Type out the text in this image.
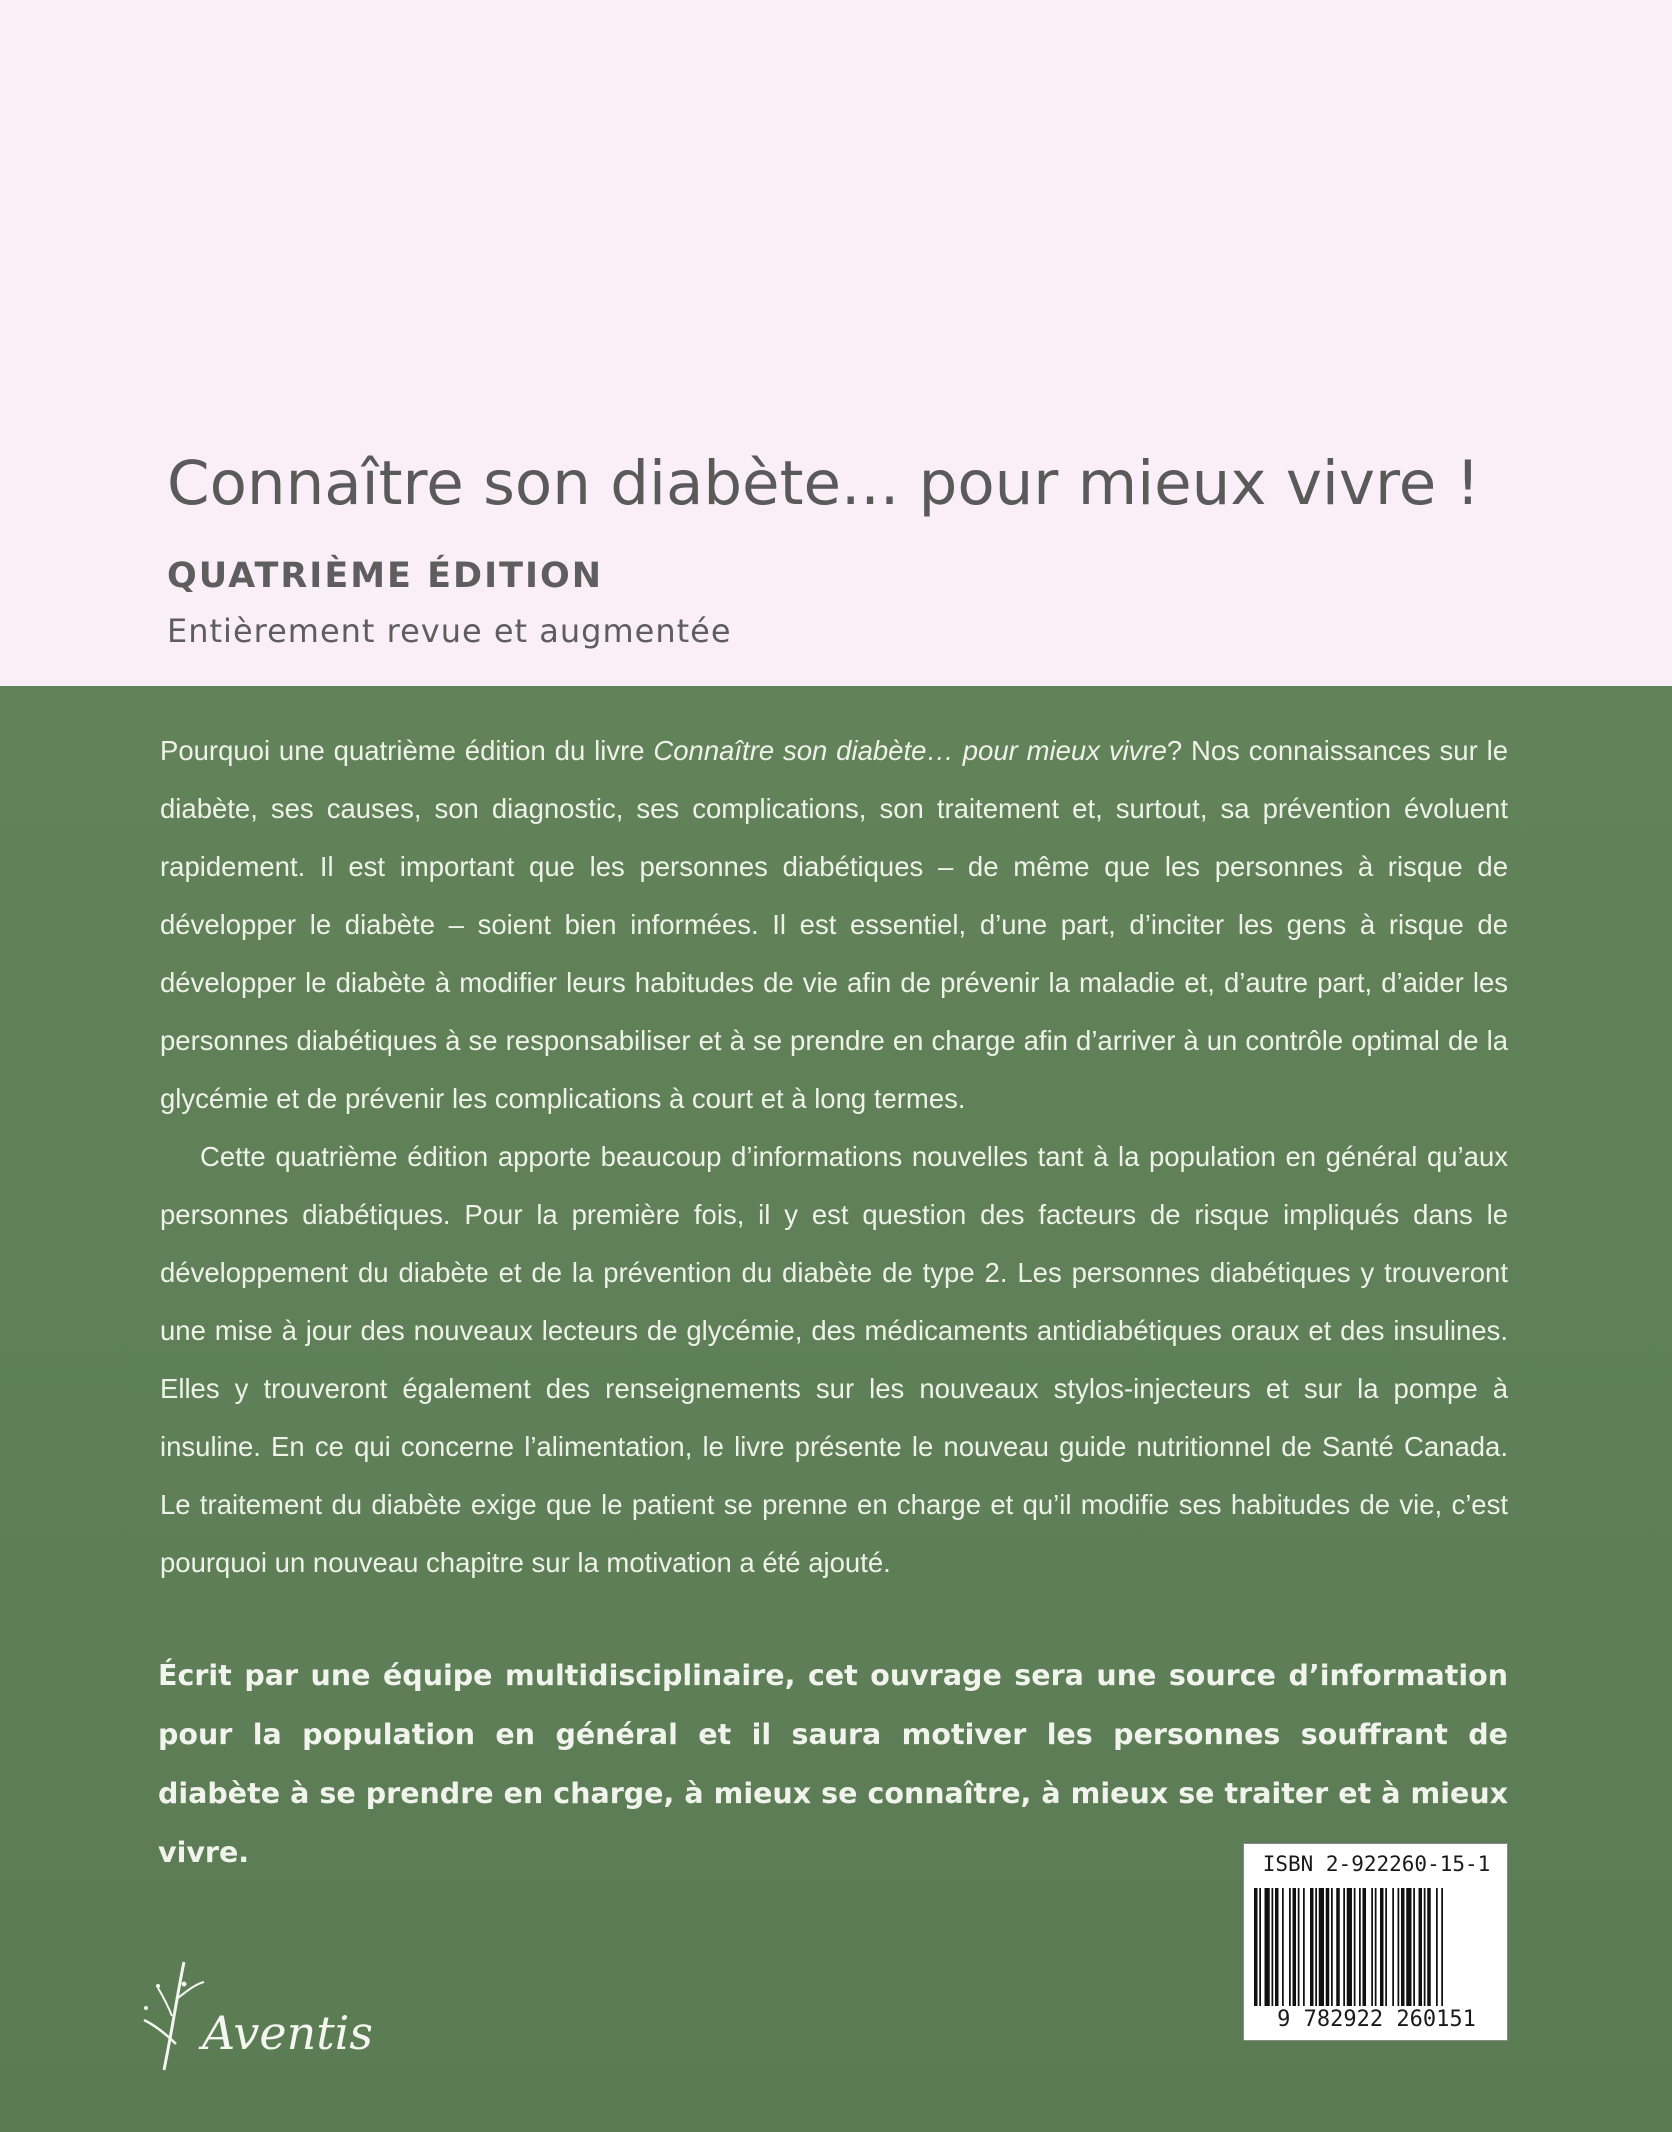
Connaître son diabète... pour mieux vivre !
QUATRIÈME ÉDITION
Entièrement revue et augmentée

Pourquoi une quatrième édition du livre Connaître son diabète… pour mieux vivre? Nos connaissances sur le diabète, ses causes, son diagnostic, ses complications, son traitement et, surtout, sa prévention évoluent rapidement. Il est important que les personnes diabétiques – de même que les personnes à risque de développer le diabète – soient bien informées. Il est essentiel, d’une part, d’inciter les gens à risque de développer le diabète à modifier leurs habitudes de vie afin de prévenir la maladie et, d’autre part, d’aider les personnes diabétiques à se responsabiliser et à se prendre en charge afin d’arriver à un contrôle optimal de la glycémie et de prévenir les complications à court et à long termes.

Cette quatrième édition apporte beaucoup d’informations nouvelles tant à la population en général qu’aux personnes diabétiques. Pour la première fois, il y est question des facteurs de risque impliqués dans le développement du diabète et de la prévention du diabète de type 2. Les personnes diabétiques y trouveront une mise à jour des nouveaux lecteurs de glycémie, des médicaments antidiabétiques oraux et des insulines. Elles y trouveront également des renseignements sur les nouveaux stylos-injecteurs et sur la pompe à insuline. En ce qui concerne l’alimentation, le livre présente le nouveau guide nutritionnel de Santé Canada. Le traitement du diabète exige que le patient se prenne en charge et qu’il modifie ses habitudes de vie, c’est pourquoi un nouveau chapitre sur la motivation a été ajouté.

Écrit par une équipe multidisciplinaire, cet ouvrage sera une source d’information pour la population en général et il saura motiver les personnes souffrant de diabète à se prendre en charge, à mieux se connaître, à mieux se traiter et à mieux vivre.	ISBN 2-922260-15-1
9 782922 260151
Aventis
